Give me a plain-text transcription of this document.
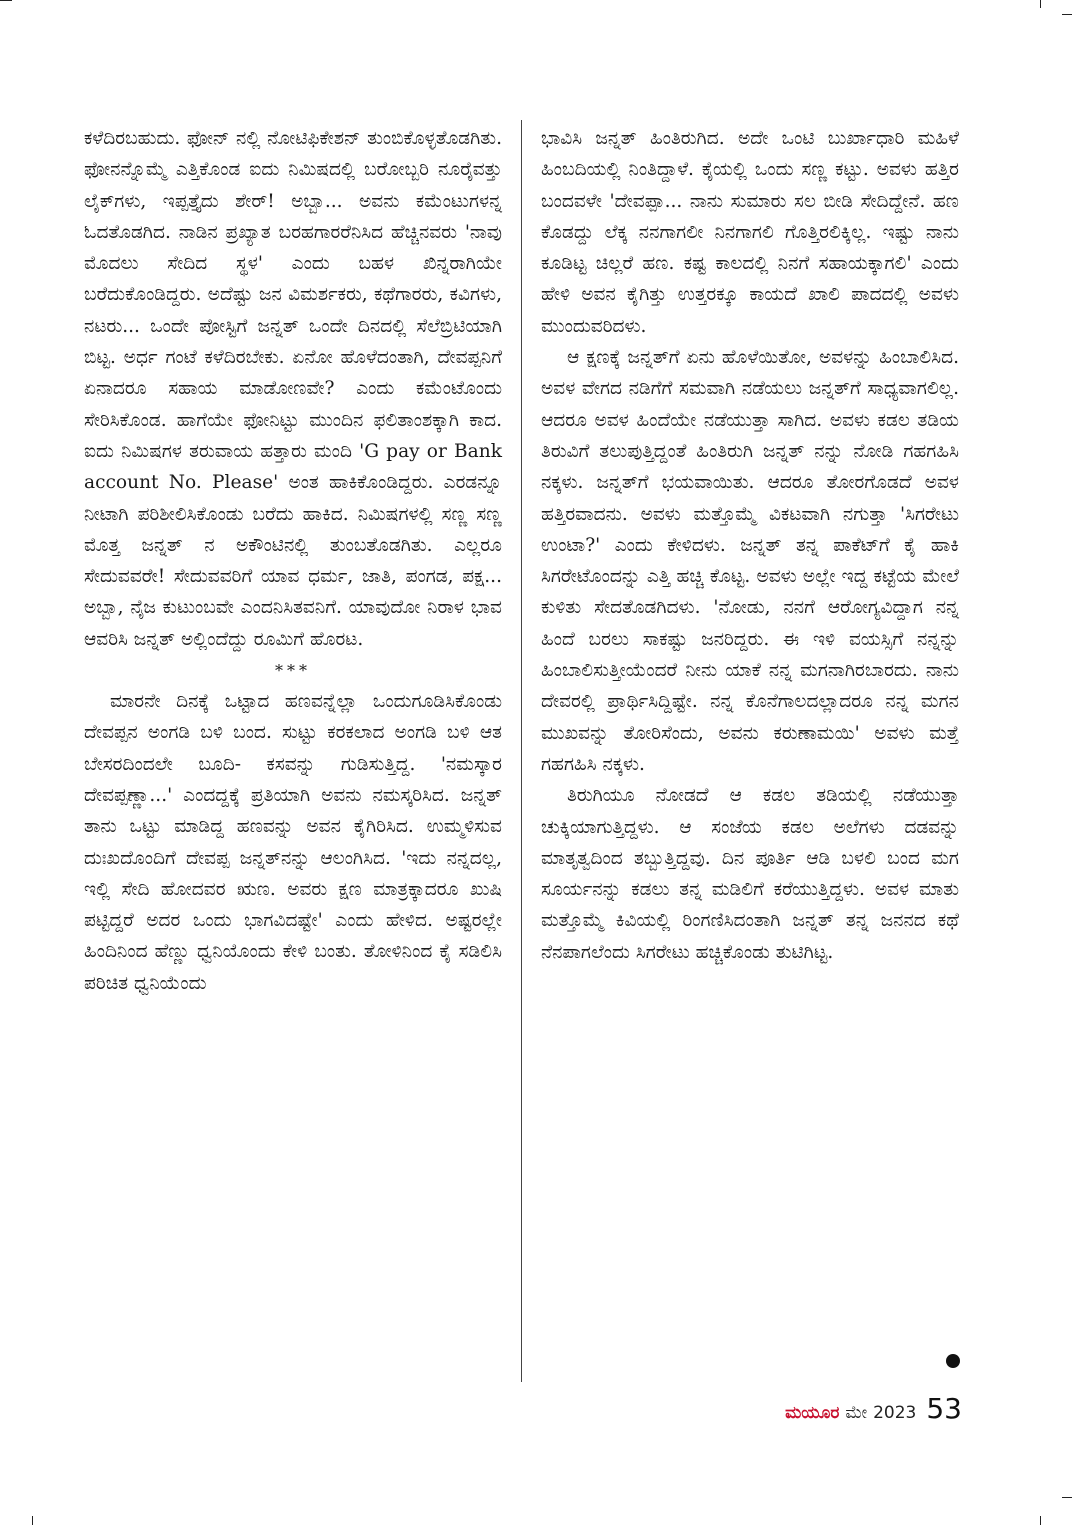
ಕಳೆದಿರಬಹುದು. ಫೋನ್ ನಲ್ಲಿ ನೋಟಿಫಿಕೇಶನ್ ತುಂಬಿಕೊಳ್ಳತೊಡಗಿತು. ಫೋನನ್ನೊಮ್ಮೆ ಎತ್ತಿಕೊಂಡ ಐದು ನಿಮಿಷದಲ್ಲಿ ಬರೋಬ್ಬರಿ ನೂರೈವತ್ತು ಲೈಕ್‌ಗಳು, ಇಪ್ಪತ್ತೈದು ಶೇರ್! ಅಬ್ಬಾ... ಅವನು ಕಮೆಂಟುಗಳನ್ನ ಓದತೊಡಗಿದ. ನಾಡಿನ ಪ್ರಖ್ಯಾತ ಬರಹಗಾರರೆನಿಸಿದ ಹೆಚ್ಚಿನವರು 'ನಾವು ಮೊದಲು ಸೇದಿದ ಸ್ಥಳ' ಎಂದು ಬಹಳ ಖಿನ್ನರಾಗಿಯೇ ಬರೆದುಕೊಂಡಿದ್ದರು. ಅದೆಷ್ಟು ಜನ ವಿಮರ್ಶಕರು, ಕಥೆಗಾರರು, ಕವಿಗಳು, ನಟರು... ಒಂದೇ ಪೋಸ್ಟಿಗೆ ಜನ್ನತ್ ಒಂದೇ ದಿನದಲ್ಲಿ ಸೆಲೆಬ್ರಿಟಿಯಾಗಿ ಬಿಟ್ಟ. ಅರ್ಧ ಗಂಟೆ ಕಳೆದಿರಬೇಕು. ಏನೋ ಹೊಳೆದಂತಾಗಿ, ದೇವಪ್ಪನಿಗೆ ಏನಾದರೂ ಸಹಾಯ ಮಾಡೋಣವೇ? ಎಂದು ಕಮೆಂಟೊಂದು ಸೇರಿಸಿಕೊಂಡ. ಹಾಗೆಯೇ ಫೋನಿಟ್ಟು ಮುಂದಿನ ಫಲಿತಾಂಶಕ್ಕಾಗಿ ಕಾದ. ಐದು ನಿಮಿಷಗಳ ತರುವಾಯ ಹತ್ತಾರು ಮಂದಿ 'G pay or Bank account No. Please' ಅಂತ ಹಾಕಿಕೊಂಡಿದ್ದರು. ಎರಡನ್ನೂ ನೀಟಾಗಿ ಪರಿಶೀಲಿಸಿಕೊಂಡು ಬರೆದು ಹಾಕಿದ. ನಿಮಿಷಗಳಲ್ಲಿ ಸಣ್ಣ ಸಣ್ಣ ಮೊತ್ತ ಜನ್ನತ್ ನ ಅಕೌಂಟಿನಲ್ಲಿ ತುಂಬತೊಡಗಿತು. ಎಲ್ಲರೂ ಸೇದುವವರೇ! ಸೇದುವವರಿಗೆ ಯಾವ ಧರ್ಮ, ಜಾತಿ, ಪಂಗಡ, ಪಕ್ಷ... ಅಬ್ಬಾ, ನೈಜ ಕುಟುಂಬವೇ ಎಂದನಿಸಿತವನಿಗೆ. ಯಾವುದೋ ನಿರಾಳ ಭಾವ ಆವರಿಸಿ ಜನ್ನತ್ ಅಲ್ಲಿಂದೆದ್ದು ರೂಮಿಗೆ ಹೊರಟ.

***

ಮಾರನೇ ದಿನಕ್ಕೆ ಒಟ್ಟಾದ ಹಣವನ್ನೆಲ್ಲಾ ಒಂದುಗೂಡಿಸಿಕೊಂಡು ದೇವಪ್ಪನ ಅಂಗಡಿ ಬಳಿ ಬಂದ. ಸುಟ್ಟು ಕರಕಲಾದ ಅಂಗಡಿ ಬಳಿ ಆತ ಬೇಸರದಿಂದಲೇ ಬೂದಿ- ಕಸವನ್ನು ಗುಡಿಸುತ್ತಿದ್ದ. 'ನಮಸ್ಕಾರ ದೇವಪ್ಪಣ್ಣಾ...' ಎಂದದ್ದಕ್ಕೆ ಪ್ರತಿಯಾಗಿ ಅವನು ನಮಸ್ಕರಿಸಿದ. ಜನ್ನತ್ ತಾನು ಒಟ್ಟು ಮಾಡಿದ್ದ ಹಣವನ್ನು ಅವನ ಕೈಗಿರಿಸಿದ. ಉಮ್ಮಳಿಸುವ ದುಃಖದೊಂದಿಗೆ ದೇವಪ್ಪ ಜನ್ನತ್‌ನನ್ನು ಆಲಂಗಿಸಿದ. 'ಇದು ನನ್ನದಲ್ಲ, ಇಲ್ಲಿ ಸೇದಿ ಹೋದವರ ಋಣ. ಅವರು ಕ್ಷಣ ಮಾತ್ರಕ್ಕಾದರೂ ಖುಷಿ ಪಟ್ಟಿದ್ದರೆ ಅದರ ಒಂದು ಭಾಗವಿದಷ್ಟೇ' ಎಂದು ಹೇಳಿದ. ಅಷ್ಟರಲ್ಲೇ ಹಿಂದಿನಿಂದ ಹೆಣ್ಣು ಧ್ವನಿಯೊಂದು ಕೇಳಿ ಬಂತು. ತೋಳಿನಿಂದ ಕೈ ಸಡಿಲಿಸಿ ಪರಿಚಿತ ಧ್ವನಿಯೆಂದು

ಭಾವಿಸಿ ಜನ್ನತ್ ಹಿಂತಿರುಗಿದ. ಅದೇ ಒಂಟಿ ಬುರ್ಖಾಧಾರಿ ಮಹಿಳೆ ಹಿಂಬದಿಯಲ್ಲಿ ನಿಂತಿದ್ದಾಳೆ. ಕೈಯಲ್ಲಿ ಒಂದು ಸಣ್ಣ ಕಟ್ಟು. ಅವಳು ಹತ್ತಿರ ಬಂದವಳೇ 'ದೇವಪ್ಪಾ... ನಾನು ಸುಮಾರು ಸಲ ಬೀಡಿ ಸೇದಿದ್ದೇನೆ. ಹಣ ಕೊಡದ್ದು ಲೆಕ್ಕ ನನಗಾಗಲೀ ನಿನಗಾಗಲಿ ಗೊತ್ತಿರಲಿಕ್ಕಿಲ್ಲ. ಇಷ್ಟು ನಾನು ಕೂಡಿಟ್ಟ ಚಿಲ್ಲರೆ ಹಣ. ಕಷ್ಟ ಕಾಲದಲ್ಲಿ ನಿನಗೆ ಸಹಾಯಕ್ಕಾಗಲಿ' ಎಂದು ಹೇಳಿ ಅವನ ಕೈಗಿತ್ತು ಉತ್ತರಕ್ಕೂ ಕಾಯದೆ ಖಾಲಿ ಪಾದದಲ್ಲಿ ಅವಳು ಮುಂದುವರಿದಳು.

ಆ ಕ್ಷಣಕ್ಕೆ ಜನ್ನತ್‌ಗೆ ಏನು ಹೊಳೆಯಿತೋ, ಅವಳನ್ನು ಹಿಂಬಾಲಿಸಿದ. ಅವಳ ವೇಗದ ನಡಿಗೆಗೆ ಸಮವಾಗಿ ನಡೆಯಲು ಜನ್ನತ್‌ಗೆ ಸಾಧ್ಯವಾಗಲಿಲ್ಲ. ಆದರೂ ಅವಳ ಹಿಂದೆಯೇ ನಡೆಯುತ್ತಾ ಸಾಗಿದ. ಅವಳು ಕಡಲ ತಡಿಯ ತಿರುವಿಗೆ ತಲುಪುತ್ತಿದ್ದಂತೆ ಹಿಂತಿರುಗಿ ಜನ್ನತ್ ನನ್ನು ನೋಡಿ ಗಹಗಹಿಸಿ ನಕ್ಕಳು. ಜನ್ನತ್‌ಗೆ ಭಯವಾಯಿತು. ಆದರೂ ತೋರಗೊಡದೆ ಅವಳ ಹತ್ತಿರವಾದನು. ಅವಳು ಮತ್ತೊಮ್ಮೆ ವಿಕಟವಾಗಿ ನಗುತ್ತಾ 'ಸಿಗರೇಟು ಉಂಟಾ?' ಎಂದು ಕೇಳಿದಳು. ಜನ್ನತ್ ತನ್ನ ಪಾಕೆಟ್‌ಗೆ ಕೈ ಹಾಕಿ ಸಿಗರೇಟೊಂದನ್ನು ಎತ್ತಿ ಹಚ್ಚಿ ಕೊಟ್ಟ. ಅವಳು ಅಲ್ಲೇ ಇದ್ದ ಕಟ್ಟೆಯ ಮೇಲೆ ಕುಳಿತು ಸೇದತೊಡಗಿದಳು. 'ನೋಡು, ನನಗೆ ಆರೋಗ್ಯವಿದ್ದಾಗ ನನ್ನ ಹಿಂದೆ ಬರಲು ಸಾಕಷ್ಟು ಜನರಿದ್ದರು. ಈ ಇಳಿ ವಯಸ್ಸಿಗೆ ನನ್ನನ್ನು ಹಿಂಬಾಲಿಸುತ್ತೀಯೆಂದರೆ ನೀನು ಯಾಕೆ ನನ್ನ ಮಗನಾಗಿರಬಾರದು. ನಾನು ದೇವರಲ್ಲಿ ಪ್ರಾರ್ಥಿಸಿದ್ದಿಷ್ಟೇ. ನನ್ನ ಕೊನೆಗಾಲದಲ್ಲಾದರೂ ನನ್ನ ಮಗನ ಮುಖವನ್ನು ತೋರಿಸೆಂದು, ಅವನು ಕರುಣಾಮಯಿ' ಅವಳು ಮತ್ತೆ ಗಹಗಹಿಸಿ ನಕ್ಕಳು.

ತಿರುಗಿಯೂ ನೋಡದೆ ಆ ಕಡಲ ತಡಿಯಲ್ಲಿ ನಡೆಯುತ್ತಾ ಚುಕ್ಕಿಯಾಗುತ್ತಿದ್ದಳು. ಆ ಸಂಜೆಯ ಕಡಲ ಅಲೆಗಳು ದಡವನ್ನು ಮಾತೃತ್ವದಿಂದ ತಬ್ಬುತ್ತಿದ್ದವು. ದಿನ ಪೂರ್ತಿ ಆಡಿ ಬಳಲಿ ಬಂದ ಮಗ ಸೂರ್ಯನನ್ನು ಕಡಲು ತನ್ನ ಮಡಿಲಿಗೆ ಕರೆಯುತ್ತಿದ್ದಳು. ಅವಳ ಮಾತು ಮತ್ತೊಮ್ಮೆ ಕಿವಿಯಲ್ಲಿ ರಿಂಗಣಿಸಿದಂತಾಗಿ ಜನ್ನತ್ ತನ್ನ ಜನನದ ಕಥೆ ನೆನಪಾಗಲೆಂದು ಸಿಗರೇಟು ಹಚ್ಚಿಕೊಂಡು ತುಟಿಗಿಟ್ಟ.

ಮಯೂರ ಮೇ 2023 53
